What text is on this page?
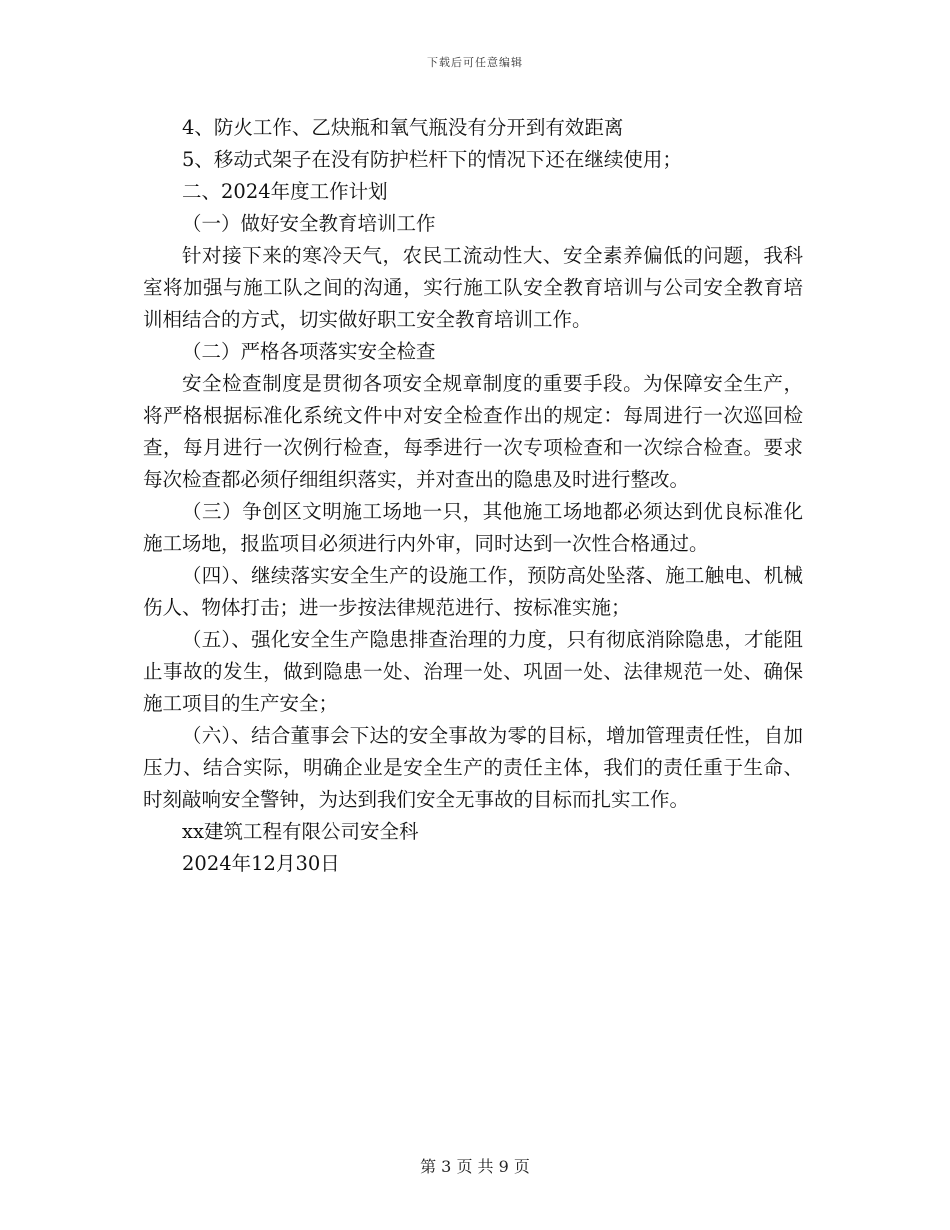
下载后可任意编辑

4、防火工作、乙炔瓶和氧气瓶没有分开到有效距离

5、移动式架子在没有防护栏杆下的情况下还在继续使用；

二、2024年度工作计划

（一）做好安全教育培训工作

针对接下来的寒冷天气，农民工流动性大、安全素养偏低的问题，我科室将加强与施工队之间的沟通，实行施工队安全教育培训与公司安全教育培训相结合的方式，切实做好职工安全教育培训工作。

（二）严格各项落实安全检查

安全检查制度是贯彻各项安全规章制度的重要手段。为保障安全生产，将严格根据标准化系统文件中对安全检查作出的规定：每周进行一次巡回检查，每月进行一次例行检查，每季进行一次专项检查和一次综合检查。要求每次检查都必须仔细组织落实，并对查出的隐患及时进行整改。

（三）争创区文明施工场地一只，其他施工场地都必须达到优良标准化施工场地，报监项目必须进行内外审，同时达到一次性合格通过。

（四）、继续落实安全生产的设施工作，预防高处坠落、施工触电、机械伤人、物体打击；进一步按法律规范进行、按标准实施；

（五）、强化安全生产隐患排查治理的力度，只有彻底消除隐患，才能阻止事故的发生，做到隐患一处、治理一处、巩固一处、法律规范一处、确保施工项目的生产安全；

（六）、结合董事会下达的安全事故为零的目标，增加管理责任性，自加压力、结合实际，明确企业是安全生产的责任主体，我们的责任重于生命、时刻敲响安全警钟，为达到我们安全无事故的目标而扎实工作。

xx建筑工程有限公司安全科

2024年12月30日

第 3 页 共 9 页
